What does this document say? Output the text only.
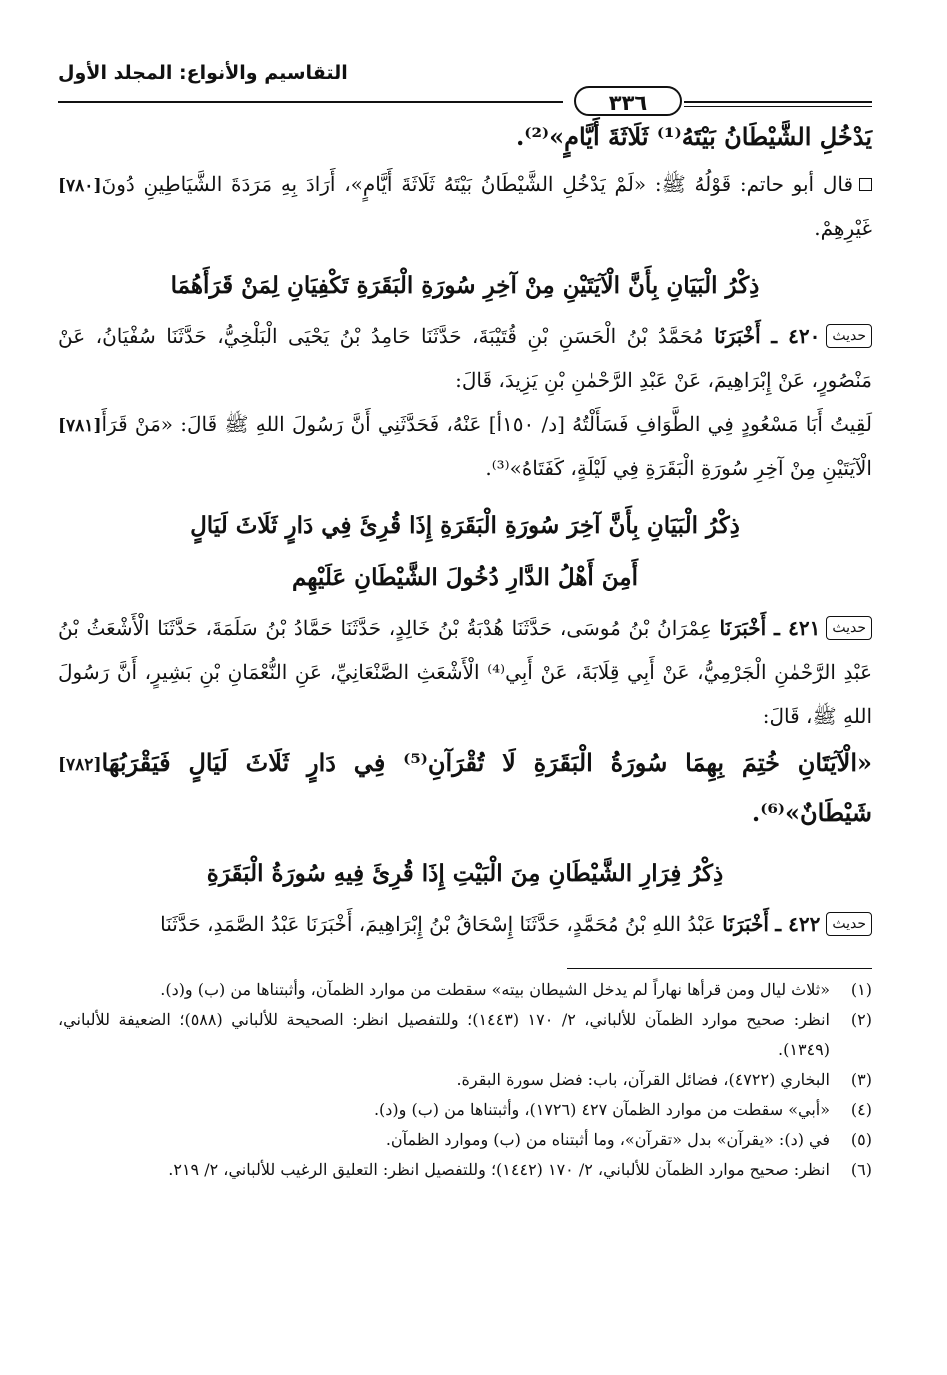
٣٣٦
التقاسيم والأنواع: المجلد الأول

يَدْخُلِ الشَّيْطَانُ بَيْتَهُ⁽¹⁾ ثَلَاثَةَ أَيَّامٍ»⁽²⁾.

[٧٨٠] قال أبو حاتم: قَوْلُهُ ﷺ: «لَمْ يَدْخُلِ الشَّيْطَانُ بَيْتَهُ ثَلَاثَةَ أَيَّامٍ»، أَرَادَ بِهِ مَرَدَةَ الشَّيَاطِينِ دُونَ غَيْرِهِمْ.

ذِكْرُ الْبَيَانِ بِأَنَّ الْآيَتَيْنِ مِنْ آخِرِ سُورَةِ الْبَقَرَةِ تَكْفِيَانِ لِمَنْ قَرَأَهُمَا

حديث٤٢٠ ـ أَخْبَرَنَا مُحَمَّدُ بْنُ الْحَسَنِ بْنِ قُتَيْبَةَ، حَدَّثَنَا حَامِدُ بْنُ يَحْيَى الْبَلْخِيُّ، حَدَّثَنَا سُفْيَانُ، عَنْ مَنْصُورٍ، عَنْ إِبْرَاهِيمَ، عَنْ عَبْدِ الرَّحْمٰنِ بْنِ يَزِيدَ، قَالَ:

[٧٨١] لَقِيتُ أَبَا مَسْعُودٍ فِي الطَّوَافِ فَسَأَلْتُهُ [د/ ١٥٠أ] عَنْهُ، فَحَدَّثَنِي أَنَّ رَسُولَ اللهِ ﷺ قَالَ: «مَنْ قَرَأَ الْآيَتَيْنِ مِنْ آخِرِ سُورَةِ الْبَقَرَةِ فِي لَيْلَةٍ، كَفَتَاهُ»⁽³⁾.

ذِكْرُ الْبَيَانِ بِأَنَّ آخِرَ سُورَةِ الْبَقَرَةِ إِذَا قُرِئَ فِي دَارٍ ثَلَاثَ لَيَالٍ
أَمِنَ أَهْلُ الدَّارِ دُخُولَ الشَّيْطَانِ عَلَيْهِم

حديث٤٢١ ـ أَخْبَرَنَا عِمْرَانُ بْنُ مُوسَى، حَدَّثَنَا هُدْبَةُ بْنُ خَالِدٍ، حَدَّثَنَا حَمَّادُ بْنُ سَلَمَةَ، حَدَّثَنَا الْأَشْعَثُ بْنُ عَبْدِ الرَّحْمٰنِ الْجَرْمِيُّ، عَنْ أَبِي قِلَابَةَ، عَنْ أَبِي⁽⁴⁾ الْأَشْعَثِ الصَّنْعَانِيِّ، عَنِ النُّعْمَانِ بْنِ بَشِيرٍ، أَنَّ رَسُولَ اللهِ ﷺ، قَالَ:

[٧٨٢] «الْآيَتَانِ خُتِمَ بِهِمَا سُورَةُ الْبَقَرَةِ لَا تُقْرَآنِ⁽⁵⁾ فِي دَارٍ ثَلَاثَ لَيَالٍ فَيَقْرَبُهَا شَيْطَانٌ»⁽⁶⁾.

ذِكْرُ فِرَارِ الشَّيْطَانِ مِنَ الْبَيْتِ إِذَا قُرِئَ فِيهِ سُورَةُ الْبَقَرَةِ

حديث٤٢٢ ـ أَخْبَرَنَا عَبْدُ اللهِ بْنُ مُحَمَّدٍ، حَدَّثَنَا إِسْحَاقُ بْنُ إِبْرَاهِيمَ، أَخْبَرَنَا عَبْدُ الصَّمَدِ، حَدَّثَنَا

(١)
«ثلاث ليال ومن قرأها نهاراً لم يدخل الشيطان بيته» سقطت من موارد الظمآن، وأثبتناها من (ب) و(د).
(٢)
انظر: صحيح موارد الظمآن للألباني، ٢/ ١٧٠ (١٤٤٣)؛ وللتفصيل انظر: الصحيحة للألباني (٥٨٨)؛ الضعيفة للألباني، (١٣٤٩).
(٣)
البخاري (٤٧٢٢)، فضائل القرآن، باب: فضل سورة البقرة.
(٤)
«أبي» سقطت من موارد الظمآن ٤٢٧ (١٧٢٦)، وأثبتناها من (ب) و(د).
(٥)
في (د): «يقرآن» بدل «تقرآن»، وما أثبتناه من (ب) وموارد الظمآن.
(٦)
انظر: صحيح موارد الظمآن للألباني، ٢/ ١٧٠ (١٤٤٢)؛ وللتفصيل انظر: التعليق الرغيب للألباني، ٢/ ٢١٩.
